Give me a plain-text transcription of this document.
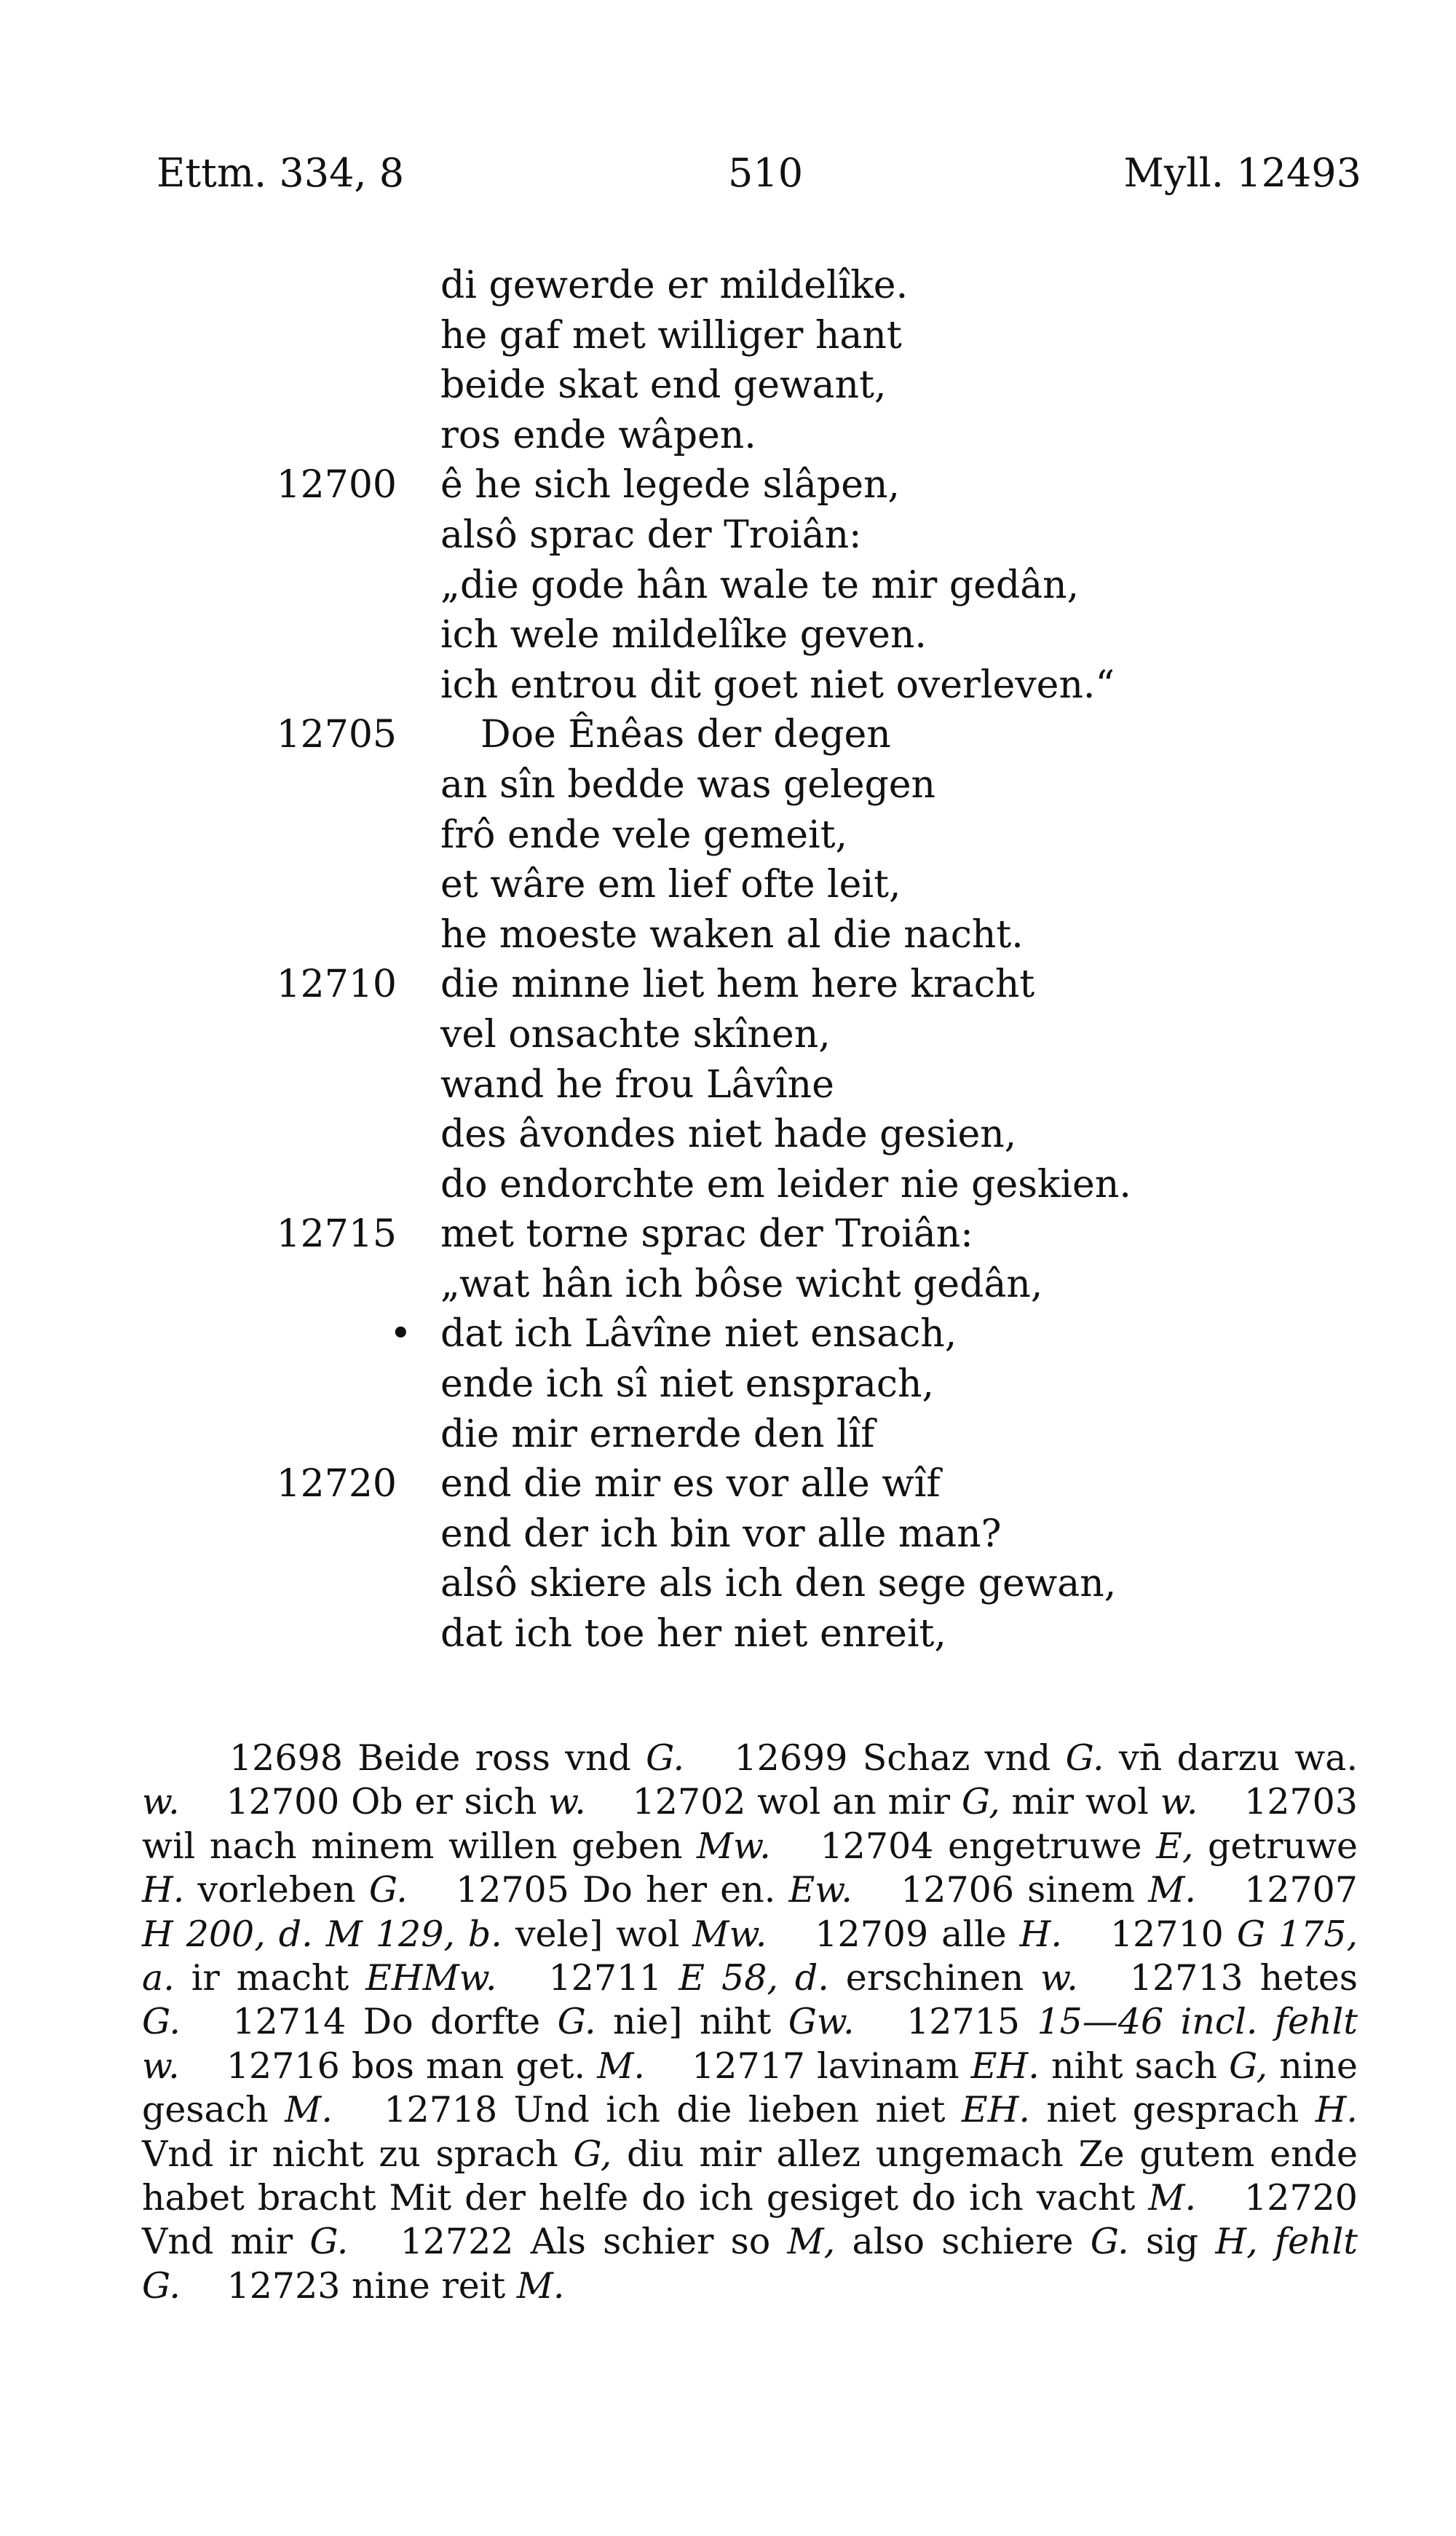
Ettm. 334, 8	510	Myll. 12493
di gewerde er mildelîke.
he gaf met williger hant
beide skat end gewant,
ros ende wâpen.
12700 ê he sich legede slâpen,
alsô sprac der Troiân:
„die gode hân wale te mir gedân,
ich wele mildelîke geven.
ich entrou dit goet niet overleven.“
12705 Doe Ênêas der degen
an sîn bedde was gelegen
frô ende vele gemeit,
et wâre em lief ofte leit,
he moeste waken al die nacht.
12710 die minne liet hem here kracht
vel onsachte skînen,
wand he frou Lâvîne
des âvondes niet hade gesien,
do endorchte em leider nie geskien.
12715 met torne sprac der Troiân:
„wat hân ich bôse wicht gedân,
• dat ich Lâvîne niet ensach,
ende ich sî niet ensprach,
die mir ernerde den lîf
12720 end die mir es vor alle wîf
end der ich bin vor alle man?
alsô skiere als ich den sege gewan,
dat ich toe her niet enreit,

12698 Beide ross vnd G. 12699 Schaz vnd G. vn̄ darzu wa. w. 12700 Ob er sich w. 12702 wol an mir G, mir wol w. 12703 wil nach minem willen geben Mw. 12704 engetruwe E, getruwe H. vorleben G. 12705 Do her en. Ew. 12706 sinem M. 12707 H 200, d. M 129, b. vele] wol Mw. 12709 alle H. 12710 G 175, a. ir macht EHMw. 12711 E 58, d. erschinen w. 12713 hetes G. 12714 Do dorfte G. nie] niht Gw. 12715 15—46 incl. fehlt w. 12716 bos man get. M. 12717 lavinam EH. niht sach G, nine gesach M. 12718 Und ich die lieben niet EH. niet gesprach H. Vnd ir nicht zu sprach G, diu mir allez ungemach Ze gutem ende habet bracht Mit der helfe do ich gesiget do ich vacht M. 12720 Vnd mir G. 12722 Als schier so M, also schiere G. sig H, fehlt G. 12723 nine reit M.
